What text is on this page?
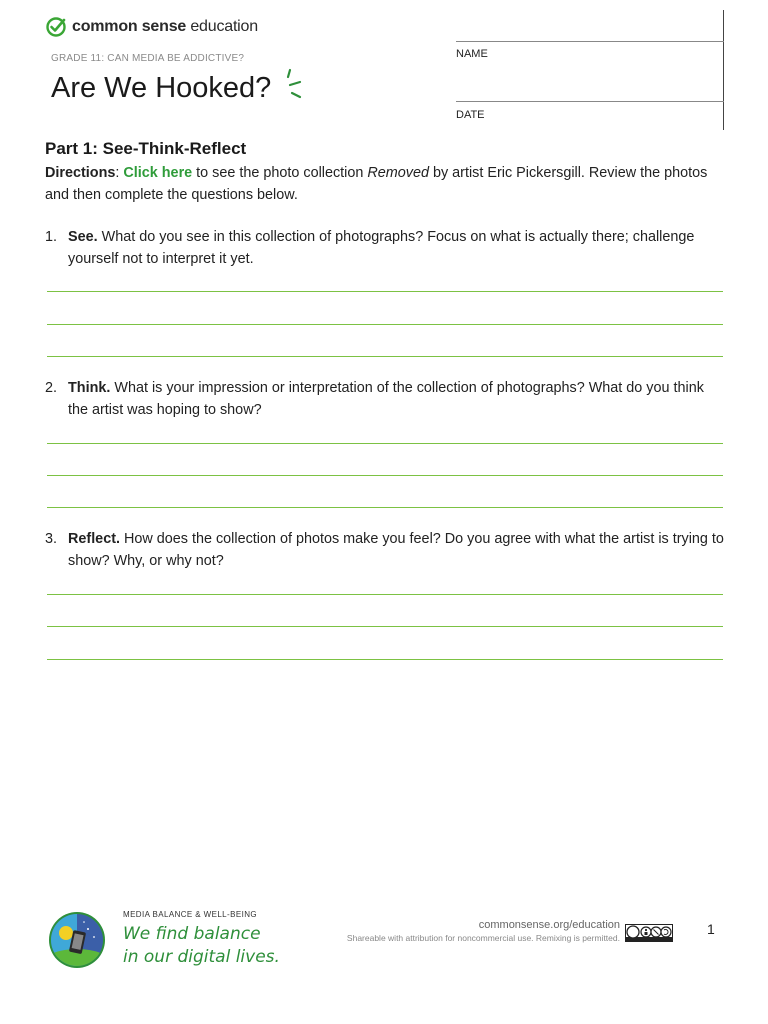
common sense education
GRADE 11: CAN MEDIA BE ADDICTIVE?
Are We Hooked?
NAME
DATE
Part 1: See-Think-Reflect

Directions: Click here to see the photo collection Removed by artist Eric Pickersgill. Review the photos and then complete the questions below.

1. See. What do you see in this collection of photographs? Focus on what is actually there; challenge yourself not to interpret it yet.
2. Think. What is your impression or interpretation of the collection of photographs? What do you think the artist was hoping to show?
3. Reflect. How does the collection of photos make you feel? Do you agree with what the artist is trying to show? Why, or why not?
MEDIA BALANCE & WELL-BEING
We find balance
in our digital lives.
commonsense.org/education
Shareable with attribution for noncommercial use. Remixing is permitted.
1
